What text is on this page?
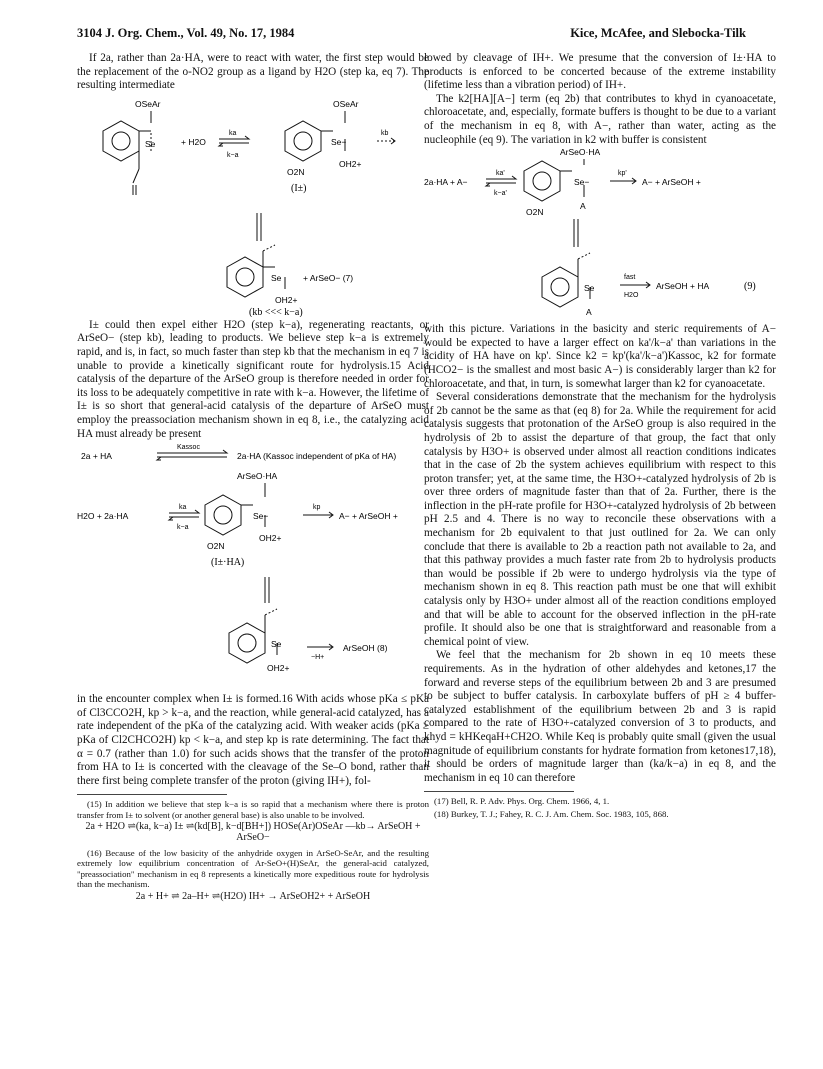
3104 J. Org. Chem., Vol. 49, No. 17, 1984	Kice, McAfee, and Slebocka-Tilk

If 2a, rather than 2a·HA, were to react with water, the first step would be the replacement of the o-NO2 group as a ligand by H2O (step ka, eq 7). The resulting intermediate

OSeAr
Se	+ H2O
ka
k−a
OSeAr
Se−
kb
O2N
OH2+
(I±)
Se	+ ArSeO− (7)
OH2+
(kb <<< k−a)

I± could then expel either H2O (step k−a), regenerating reactants, or ArSeO− (step kb), leading to products. We believe step k−a is extremely rapid, and is, in fact, so much faster than step kb that the mechanism in eq 7 is unable to provide a kinetically significant route for hydrolysis.15 Acid catalysis of the departure of the ArSeO group is therefore needed in order for its loss to be adequately competitive in rate with k−a. However, the lifetime of I± is so short that general-acid catalysis of the departure of ArSeO must employ the preassociation mechanism shown in eq 8, i.e., the catalyzing acid HA must already be present

2a + HA
Kassoc
2a·HA (Kassoc independent of pKa of HA)
ArSeO·HA
H2O + 2a·HA
ka
k−a
Se−
kp
A− + ArSeOH +
O2N
OH2+
(I±·HA)
Se
−H+
ArSeOH (8)
OH2+

in the encounter complex when I± is formed.16 With acids whose pKa ≤ pKa of Cl3CCO2H, kp > k−a, and the reaction, while general-acid catalyzed, has a rate independent of the pKa of the catalyzing acid. With weaker acids (pKa ≥ pKa of Cl2CHCO2H) kp < k−a, and step kp is rate determining. The fact that α = 0.7 (rather than 1.0) for such acids shows that the transfer of the proton from HA to I± is concerted with the cleavage of the Se–O bond, rather than there first being complete transfer of the proton (giving IH+), fol-

(15) In addition we believe that step k−a is so rapid that a mechanism where there is proton transfer from I± to solvent (or another general base) is also unable to be involved.

2a + H2O ⇌(ka, k−a) I± ⇌(kd[B], k−d[BH+]) HOSe(Ar)OSeAr —kb→ ArSeOH + ArSeO−

(16) Because of the low basicity of the anhydride oxygen in ArSeO-SeAr, and the resulting extremely low equilibrium concentration of Ar-SeO+(H)SeAr, the general-acid catalyzed, "preassociation" mechanism in eq 8 represents a kinetically more expeditious route for hydrolysis than the mechanism.

2a + H+ ⇌ 2a–H+ ⇌(H2O) IH+ → ArSeOH2+ + ArSeOH

lowed by cleavage of IH+. We presume that the conversion of I±·HA to products is enforced to be concerted because of the extreme instability (lifetime less than a vibration period) of IH+.

The k2[HA][A−] term (eq 2b) that contributes to khyd in cyanoacetate, chloroacetate, and, especially, formate buffers is thought to be due to a variant of the mechanism in eq 8, with A−, rather than water, acting as the nucleophile (eq 9). The variation in k2 with buffer is consistent

ArSeO·HA
2a·HA + A−
ka'
k−a'
Se−
kp'
A− + ArSeOH +
O2N
A
Se
fast
H2O
ArSeOH + HA	(9)
A

with this picture. Variations in the basicity and steric requirements of A− would be expected to have a larger effect on ka'/k−a' than variations in the acidity of HA have on kp'. Since k2 = kp'(ka'/k−a')Kassoc, k2 for formate (HCO2− is the smallest and most basic A−) is considerably larger than k2 for chloroacetate, and that, in turn, is somewhat larger than k2 for cyanoacetate.

Several considerations demonstrate that the mechanism for the hydrolysis of 2b cannot be the same as that (eq 8) for 2a. While the requirement for acid catalysis suggests that protonation of the ArSeO group is also required in the hydrolysis of 2b to assist the departure of that group, the fact that only catalysis by H3O+ is observed under almost all reaction conditions indicates that in the case of 2b the system achieves equilibrium with respect to this proton transfer; yet, at the same time, the H3O+-catalyzed hydrolysis of 2b is over three orders of magnitude faster than that of 2a. Further, there is the inflection in the pH-rate profile for H3O+-catalyzed hydrolysis of 2b between pH 2.5 and 4. There is no way to reconcile these observations with a mechanism for 2b equivalent to that just outlined for 2a. We can only conclude that there is available to 2b a reaction path not available to 2a, and that this pathway provides a much faster rate from 2b to hydrolysis products than would be possible if 2b were to undergo hydrolysis via the type of mechanism shown in eq 8. This reaction path must be one that will exhibit catalysis only by H3O+ under almost all of the reaction conditions employed and that will be able to account for the observed inflection in the pH-rate profile. It should also be one that is straightforward and reasonable from a chemical point of view.

We feel that the mechanism for 2b shown in eq 10 meets these requirements. As in the hydration of other aldehydes and ketones,17 the forward and reverse steps of the equilibrium between 2b and 3 are presumed to be subject to buffer catalysis. In carboxylate buffers of pH ≥ 4 buffer-catalyzed establishment of the equilibrium between 2b and 3 is rapid compared to the rate of H3O+-catalyzed conversion of 3 to products, and khyd = kHKeqaH+CH2O. While Keq is probably quite small (given the usual magnitude of equilibrium constants for hydrate formation from ketones17,18), it should be orders of magnitude larger than (ka/k−a) in eq 8, and the mechanism in eq 10 can therefore

(17) Bell, R. P. Adv. Phys. Org. Chem. 1966, 4, 1.

(18) Burkey, T. J.; Fahey, R. C. J. Am. Chem. Soc. 1983, 105, 868.
